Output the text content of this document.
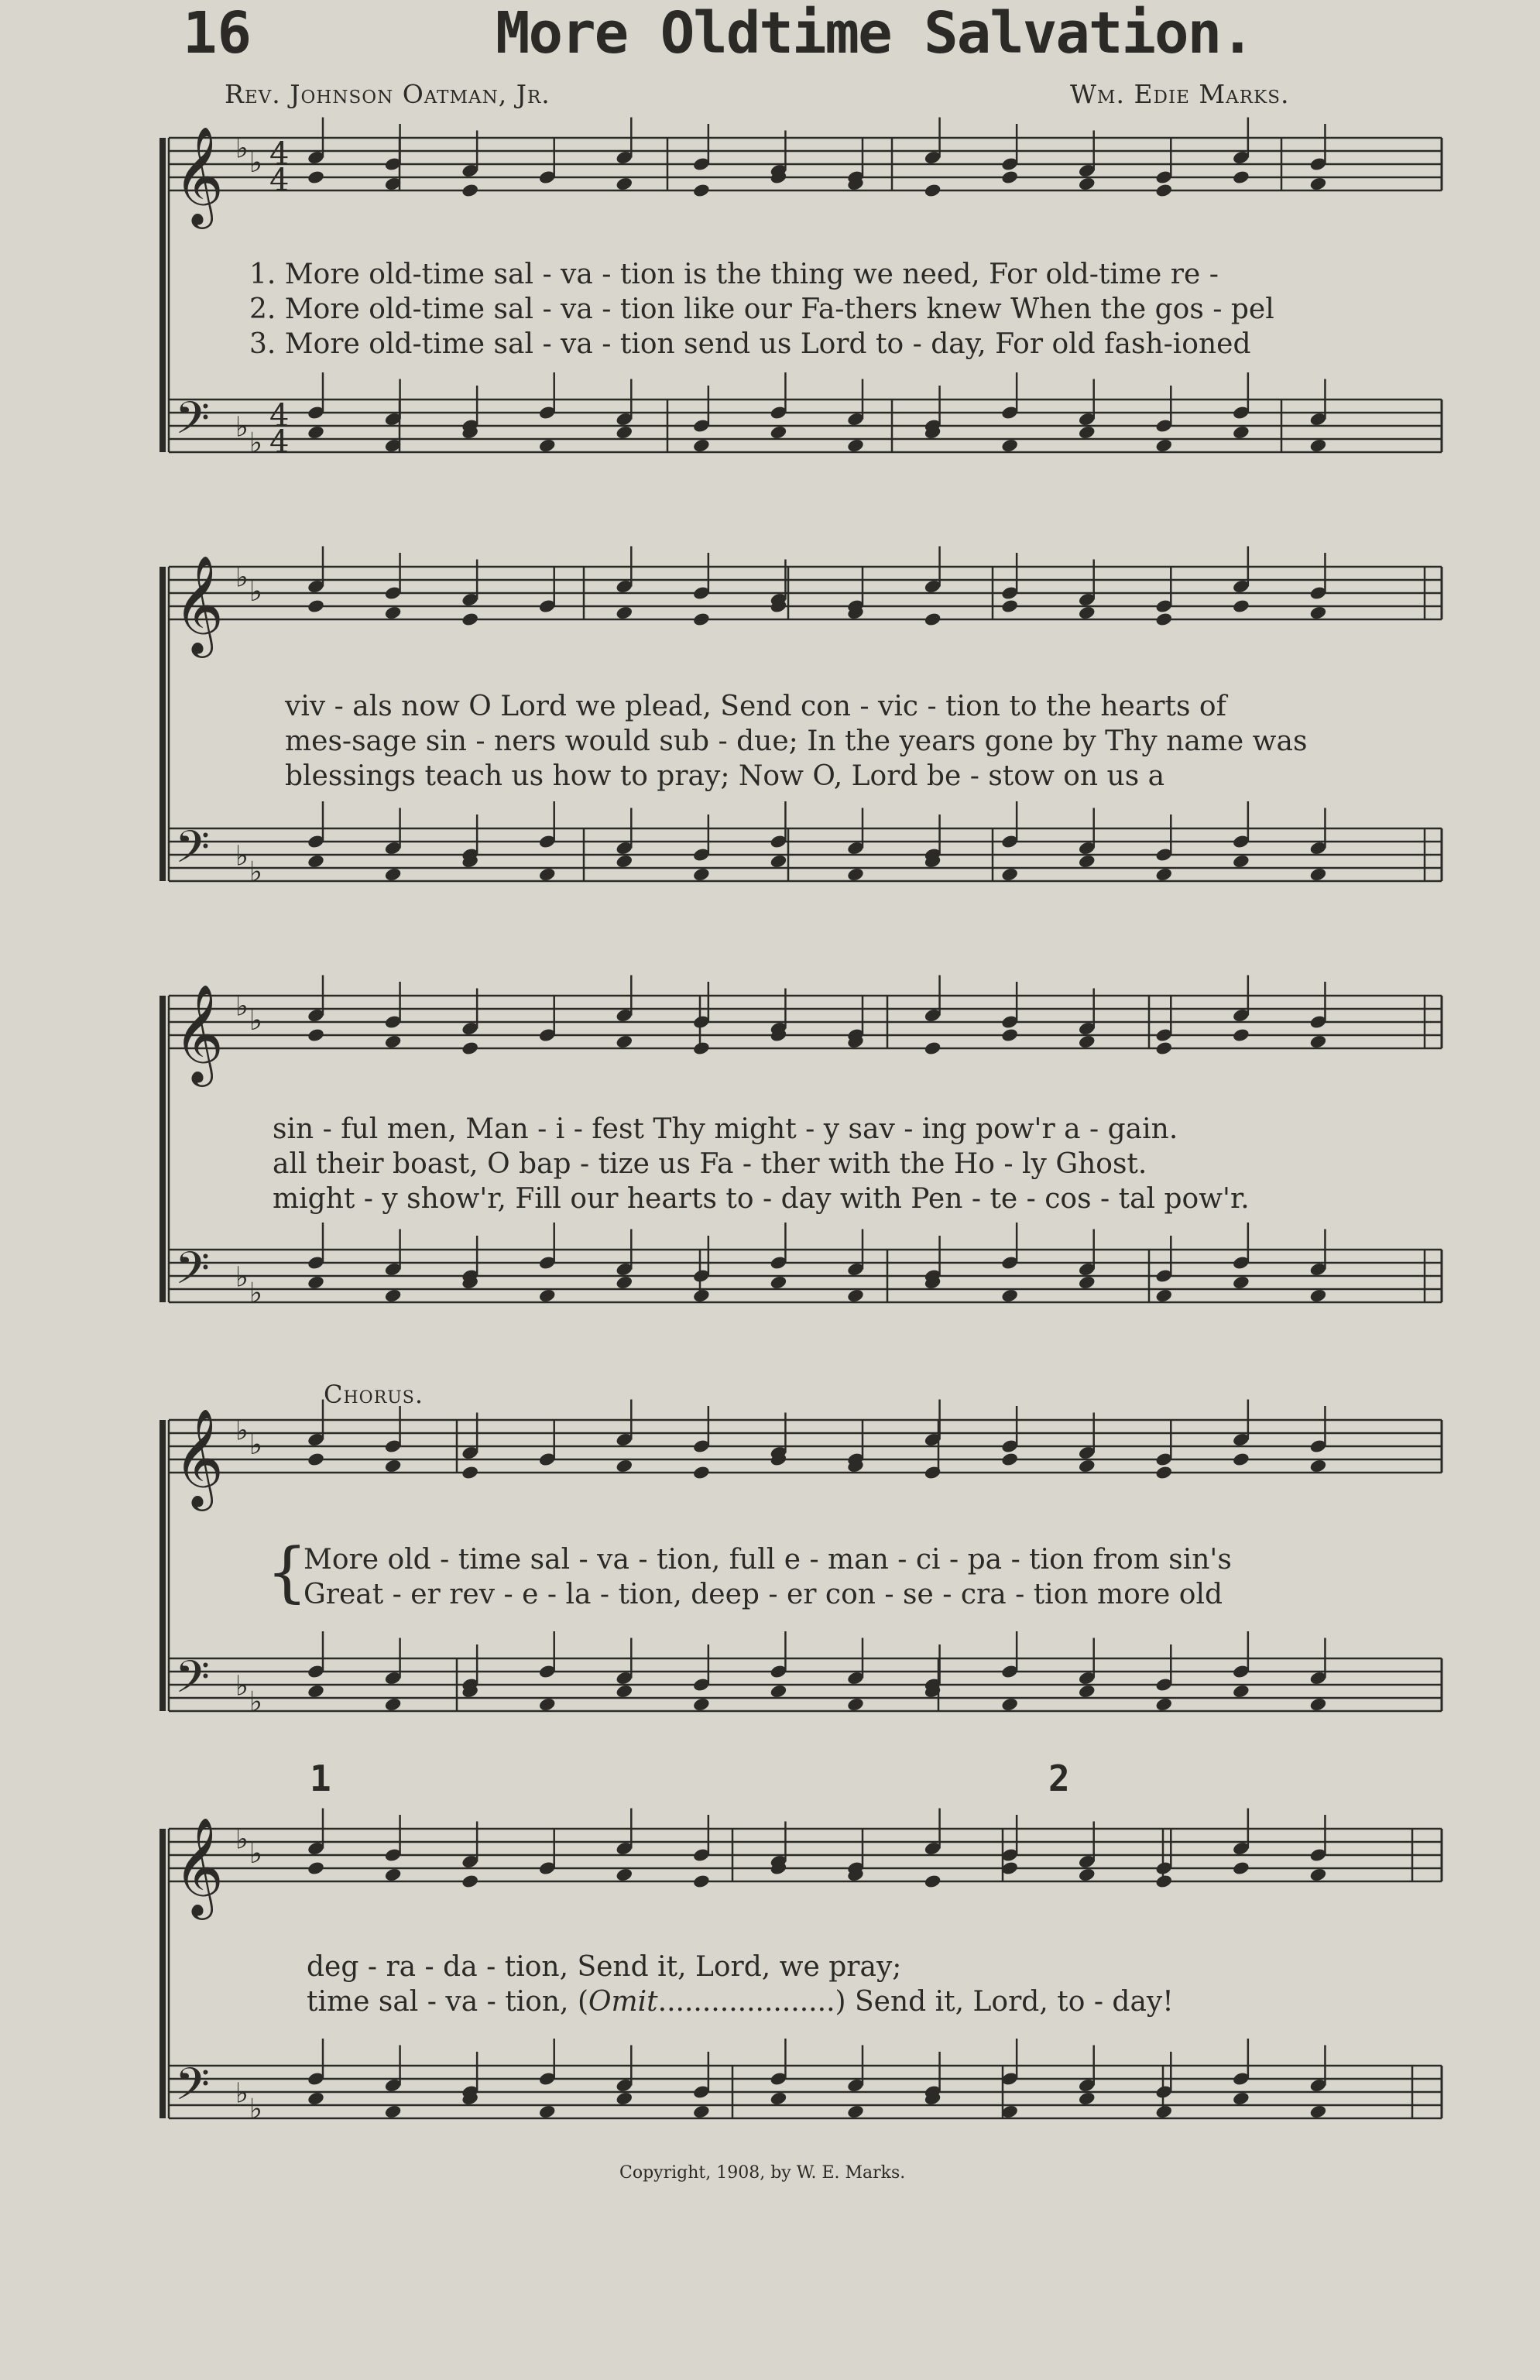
16	More Oldtime Salvation.
Rev. Johnson Oatman, Jr.	Wm. Edie Marks.
𝄞
𝄢
♭ ♭
♭ ♭
4
4
4
4
𝄞
𝄢
♭ ♭
♭ ♭
𝄞
𝄢
♭ ♭
♭ ♭
𝄞
𝄢
♭ ♭
♭ ♭
𝄞
𝄢
♭ ♭
♭ ♭
1. More old-time sal - va - tion is the thing we need, For old-time re -
2. More old-time sal - va - tion like our Fa-thers knew When the gos - pel
3. More old-time sal - va - tion send us Lord to - day, For old fash-ioned
viv - als now O Lord we plead, Send con - vic - tion to the hearts of
mes-sage sin - ners would sub - due; In the years gone by Thy name was
blessings teach us how to pray; Now O, Lord be - stow on us a
sin - ful men, Man - i - fest Thy might - y sav - ing pow'r a - gain.
all their boast, O bap - tize us Fa - ther with the Ho - ly Ghost.
might - y show'r, Fill our hearts to - day with Pen - te - cos - tal pow'r.
Chorus.
{
More old - time sal - va - tion, full e - man - ci - pa - tion from sin's
Great - er rev - e - la - tion, deep - er con - se - cra - tion more old
deg - ra - da - tion, Send it, Lord, we pray;
time sal - va - tion, (Omit....................) Send it, Lord, to - day!
1	2
Copyright, 1908, by W. E. Marks.
